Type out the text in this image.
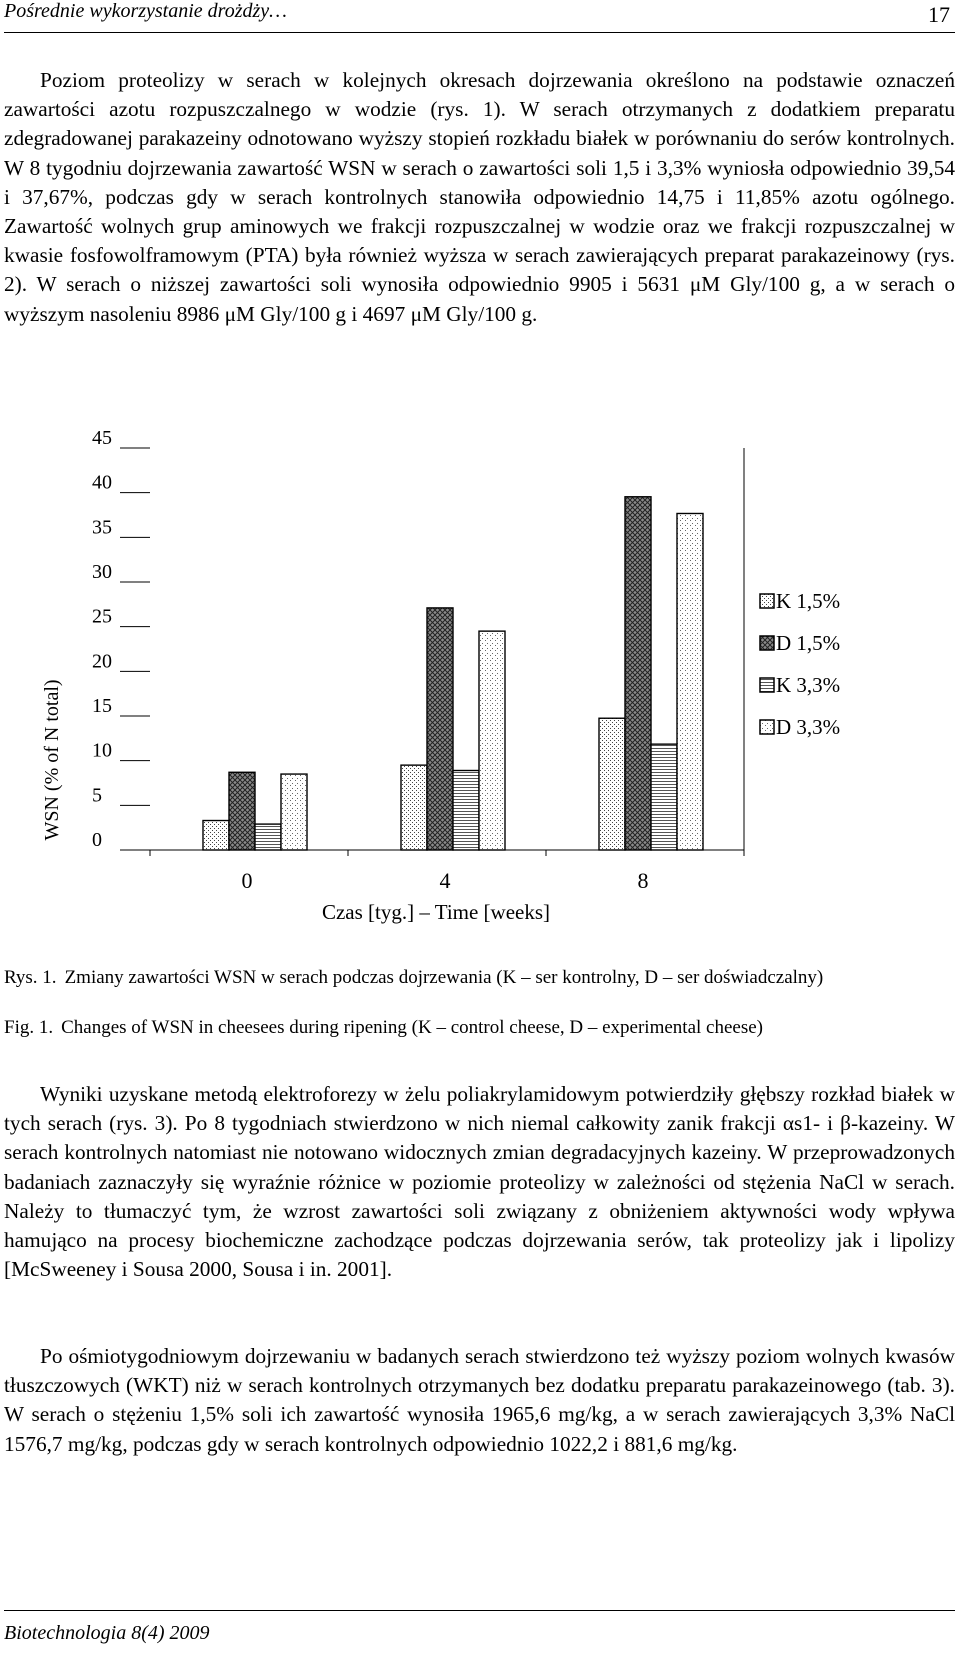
Pośrednie wykorzystanie drożdży…	17

Poziom proteolizy w serach w kolejnych okresach dojrzewania określono na podstawie oznaczeń zawartości azotu rozpuszczalnego w wodzie (rys. 1). W serach otrzymanych z dodatkiem preparatu zdegradowanej parakazeiny odnotowano wyższy stopień rozkładu białek w porównaniu do serów kontrolnych. W 8 tygodniu dojrzewania zawartość WSN w serach o zawartości soli 1,5 i 3,3% wyniosła odpowiednio 39,54 i 37,67%, podczas gdy w serach kontrolnych stanowiła odpowiednio 14,75 i 11,85% azotu ogólnego. Zawartość wolnych grup aminowych we frakcji rozpuszczalnej w wodzie oraz we frakcji rozpuszczalnej w kwasie fosfowolframowym (PTA) była również wyższa w serach zawierających preparat parakazeinowy (rys. 2). W serach o niższej zawartości soli wynosiła odpowiednio 9905 i 5631 μM Gly/100 g, a w serach o wyższym nasoleniu 8986 μM Gly/100 g i 4697 μM Gly/100 g.

0
5
10
15
20
25
30
35
40
45
0	4	8
K 1,5%
D 1,5%
K 3,3%
D 3,3%
WSN (% of N total)
Czas [tyg.] – Time [weeks]
Rys. 1. Zmiany zawartości WSN w serach podczas dojrzewania (K – ser kontrolny, D – ser doświadczalny)
Fig. 1. Changes of WSN in cheesees during ripening (K – control cheese, D – experimental cheese)

Wyniki uzyskane metodą elektroforezy w żelu poliakrylamidowym potwierdziły głębszy rozkład białek w tych serach (rys. 3). Po 8 tygodniach stwierdzono w nich niemal całkowity zanik frakcji αs1- i β-kazeiny. W serach kontrolnych natomiast nie notowano widocznych zmian degradacyjnych kazeiny. W przeprowadzonych badaniach zaznaczyły się wyraźnie różnice w poziomie proteolizy w zależności od stężenia NaCl w serach. Należy to tłumaczyć tym, że wzrost zawartości soli związany z obniżeniem aktywności wody wpływa hamująco na procesy biochemiczne zachodzące podczas dojrzewania serów, tak proteolizy jak i lipolizy [McSweeney i Sousa 2000, Sousa i in. 2001].

Po ośmiotygodniowym dojrzewaniu w badanych serach stwierdzono też wyższy poziom wolnych kwasów tłuszczowych (WKT) niż w serach kontrolnych otrzymanych bez dodatku preparatu parakazeinowego (tab. 3). W serach o stężeniu 1,5% soli ich zawartość wynosiła 1965,6 mg/kg, a w serach zawierających 3,3% NaCl 1576,7 mg/kg, podczas gdy w serach kontrolnych odpowiednio 1022,2 i 881,6 mg/kg.

Biotechnologia 8(4) 2009
